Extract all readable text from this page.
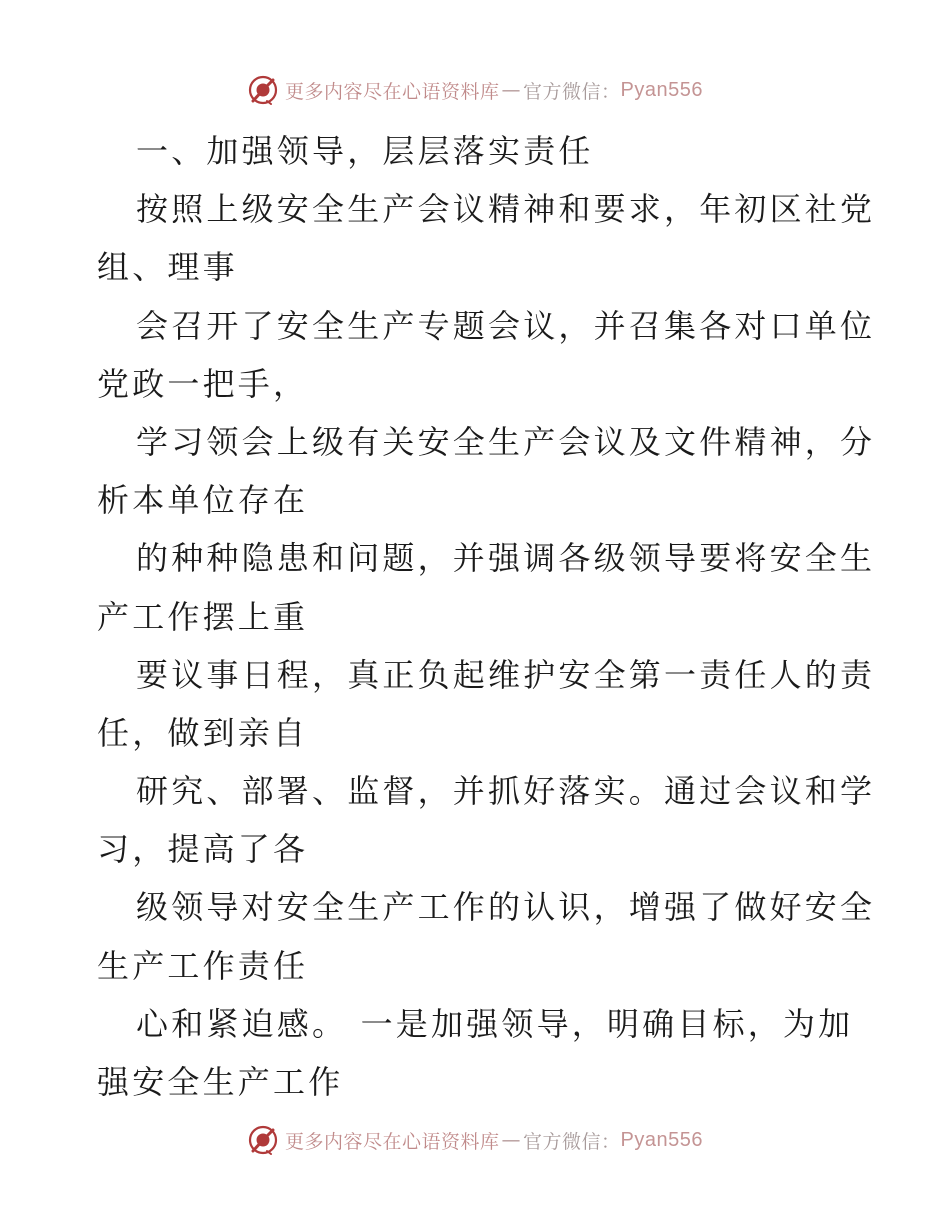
更多内容尽在心语资料库 — 官方微信： Pyan556
一、加强领导，层层落实责任
按照上级安全生产会议精神和要求，年初区社党
组、理事
会召开了安全生产专题会议，并召集各对口单位
党政一把手，
学习领会上级有关安全生产会议及文件精神，分
析本单位存在
的种种隐患和问题，并强调各级领导要将安全生
产工作摆上重
要议事日程，真正负起维护安全第一责任人的责
任，做到亲自
研究、部署、监督，并抓好落实。通过会议和学
习，提高了各
级领导对安全生产工作的认识，增强了做好安全
生产工作责任
心和紧迫感。 一是加强领导，明确目标，为加
强安全生产工作
更多内容尽在心语资料库 — 官方微信： Pyan556
